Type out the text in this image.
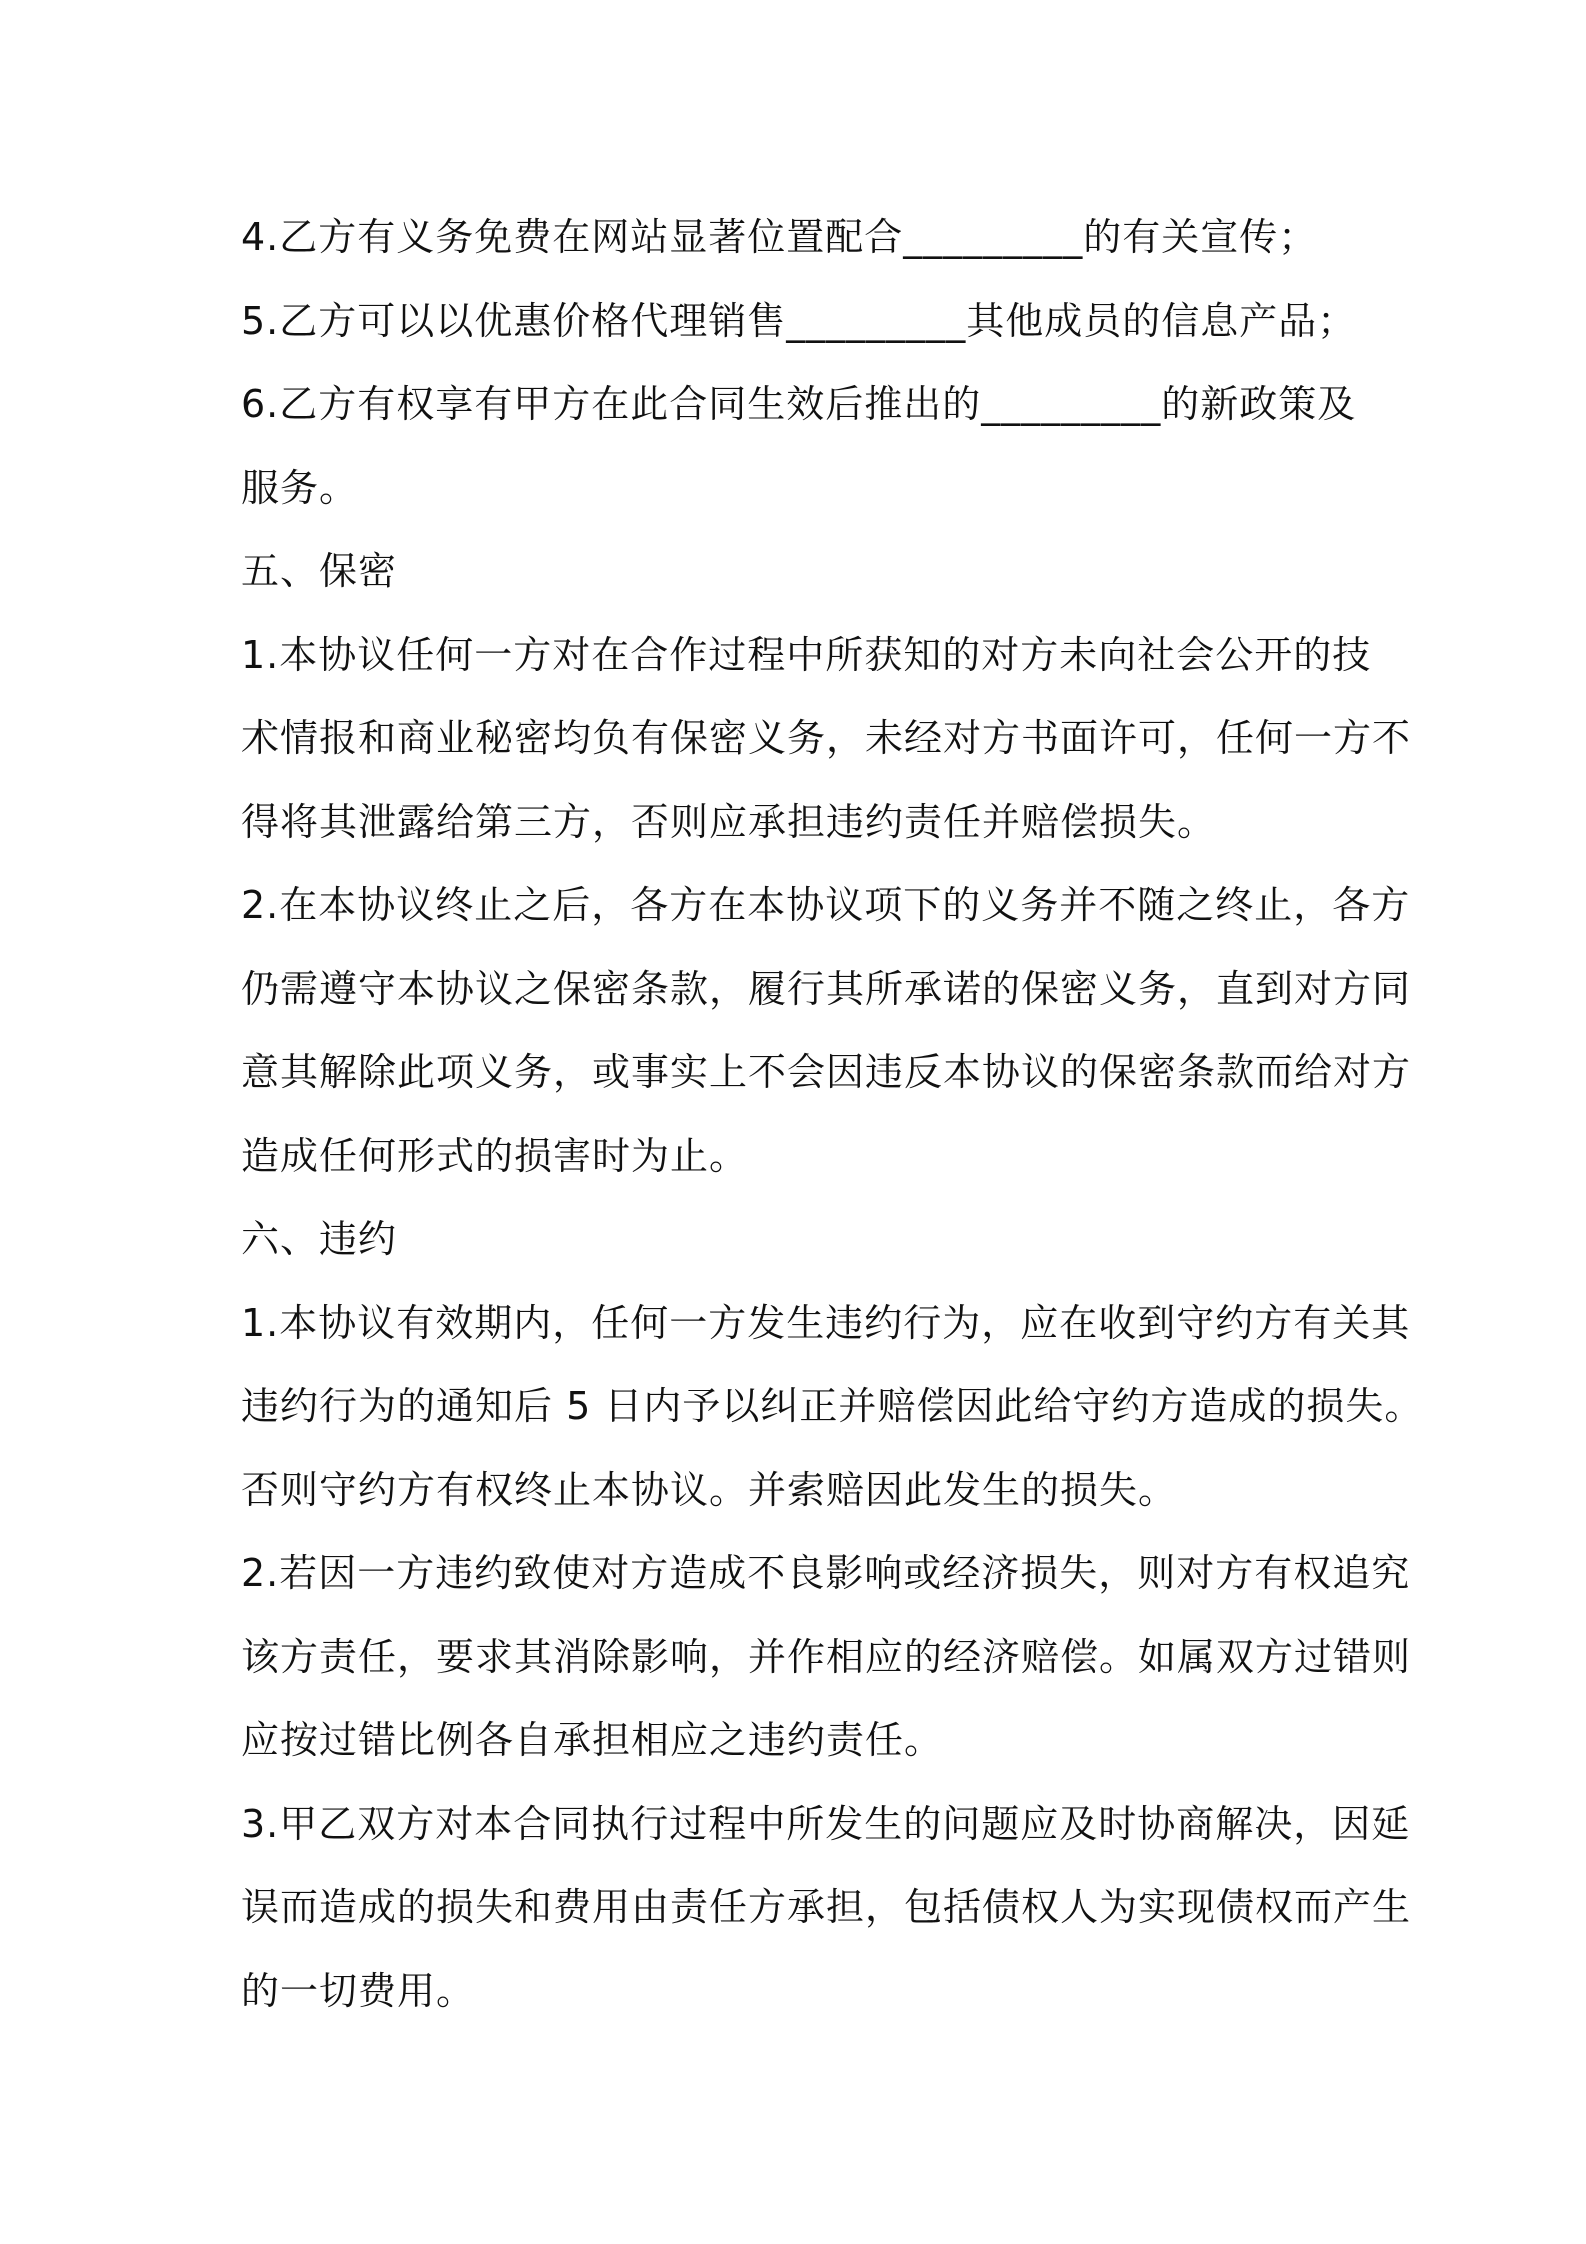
4.乙方有义务免费在网站显著位置配合_________的有关宣传；
5.乙方可以以优惠价格代理销售_________其他成员的信息产品；
6.乙方有权享有甲方在此合同生效后推出的_________的新政策及
服务。
五、保密
1.本协议任何一方对在合作过程中所获知的对方未向社会公开的技
术情报和商业秘密均负有保密义务，未经对方书面许可，任何一方不
得将其泄露给第三方，否则应承担违约责任并赔偿损失。
2.在本协议终止之后，各方在本协议项下的义务并不随之终止，各方
仍需遵守本协议之保密条款，履行其所承诺的保密义务，直到对方同
意其解除此项义务，或事实上不会因违反本协议的保密条款而给对方
造成任何形式的损害时为止。
六、违约
1.本协议有效期内，任何一方发生违约行为，应在收到守约方有关其
违约行为的通知后 5 日内予以纠正并赔偿因此给守约方造成的损失。
否则守约方有权终止本协议。并索赔因此发生的损失。
2.若因一方违约致使对方造成不良影响或经济损失，则对方有权追究
该方责任，要求其消除影响，并作相应的经济赔偿。如属双方过错则
应按过错比例各自承担相应之违约责任。
3.甲乙双方对本合同执行过程中所发生的问题应及时协商解决，因延
误而造成的损失和费用由责任方承担，包括债权人为实现债权而产生
的一切费用。
